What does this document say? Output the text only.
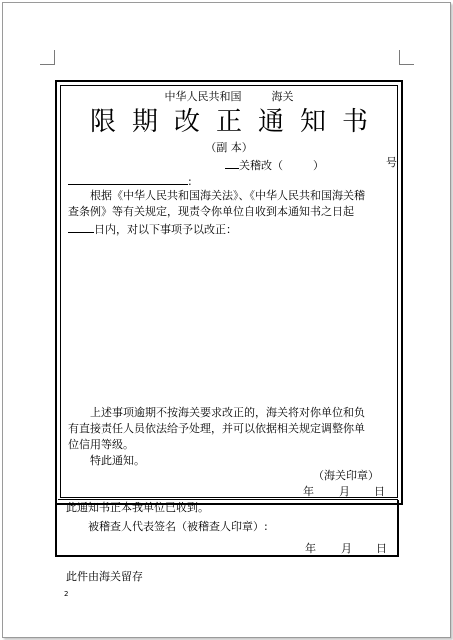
中华人民共和国	海关
限期改正通知书
（副 本）
关稽改（	）	号
:

根据《中华人民共和国海关法》、《中华人民共和国海关稽

查条例》等有关规定，现责令你单位自收到本通知书之日起

日内，对以下事项予以改正：

上述事项逾期不按海关要求改正的，海关将对你单位和负

有直接责任人员依法给予处理，并可以依据相关规定调整你单

位信用等级。

特此通知。

（海关印章）
年 月 日
此通知书正本我单位已收到。
被稽查人代表签名（被稽查人印章）:
年 月 日
此件由海关留存
2
